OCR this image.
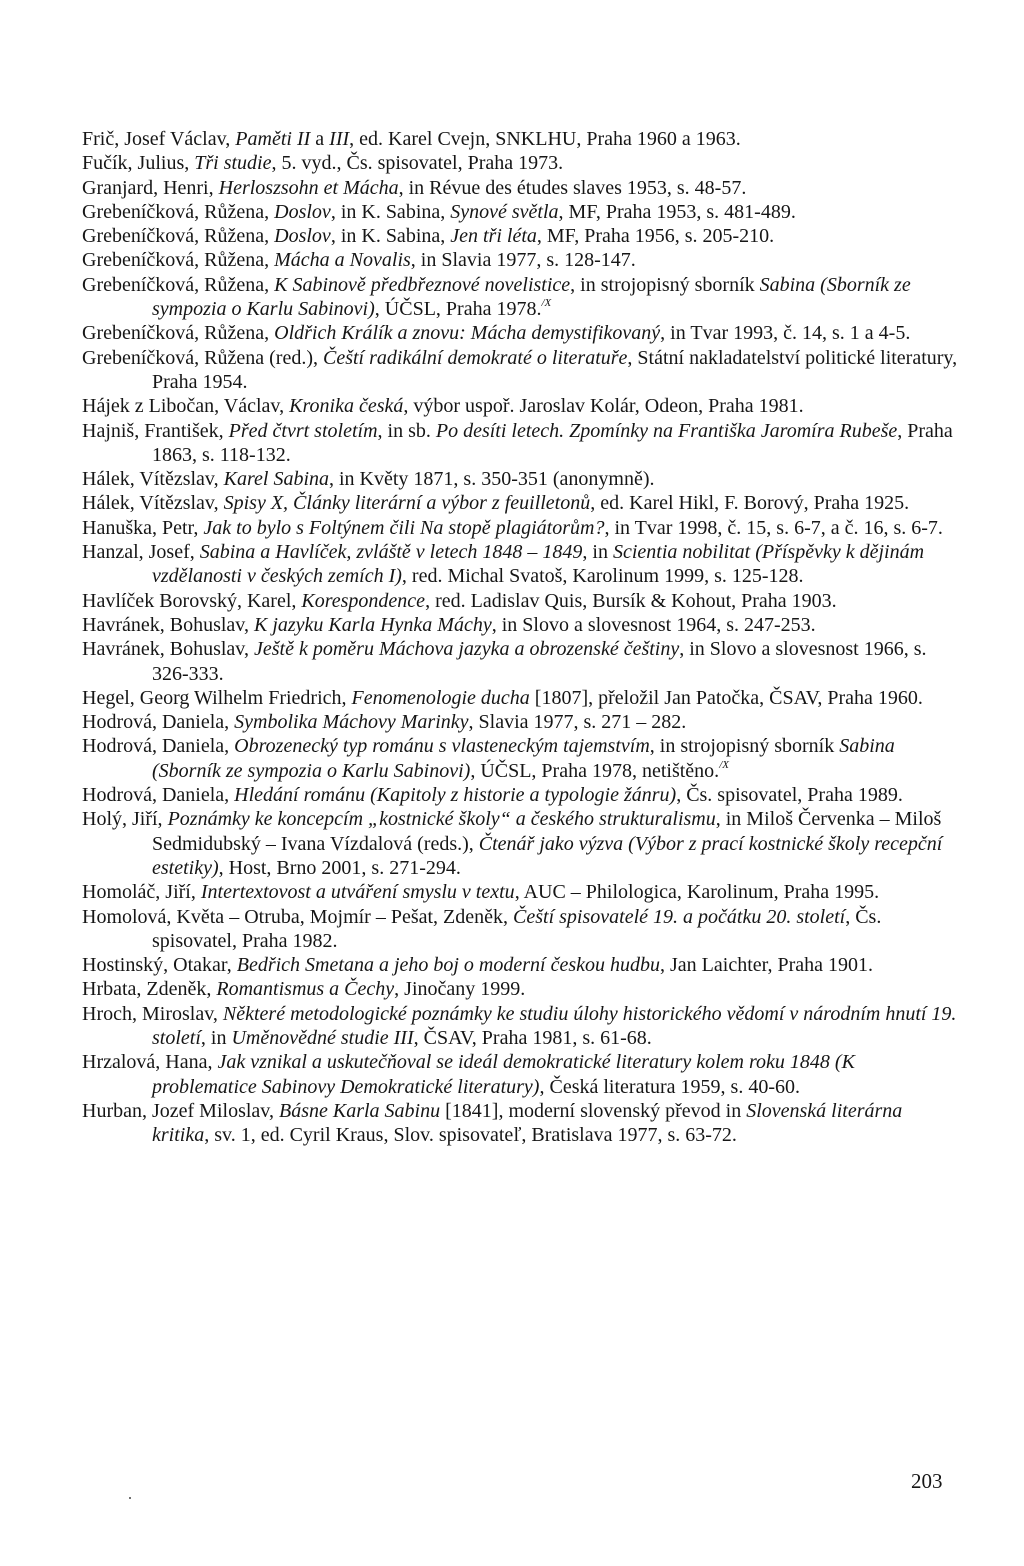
Frič, Josef Václav, Paměti II a III, ed. Karel Cvejn, SNKLHU, Praha 1960 a 1963.
Fučík, Julius, Tři studie, 5. vyd., Čs. spisovatel, Praha 1973.
Granjard, Henri, Herloszsohn et Mácha, in Révue des études slaves 1953, s. 48-57.
Grebeníčková, Růžena, Doslov, in K. Sabina, Synové světla, MF, Praha 1953, s. 481-489.
Grebeníčková, Růžena, Doslov, in K. Sabina, Jen tři léta, MF, Praha 1956, s. 205-210.
Grebeníčková, Růžena, Mácha a Novalis, in Slavia 1977, s. 128-147.
Grebeníčková, Růžena, K Sabinově předbřeznové novelistice, in strojopisný sborník Sabina (Sborník ze sympozia o Karlu Sabinovi), ÚČSL, Praha 1978.$^{/X}$
Grebeníčková, Růžena, Oldřich Králík a znovu: Mácha demystifikovaný, in Tvar 1993, č. 14, s. 1 a 4-5.
Grebeníčková, Růžena (red.), Čeští radikální demokraté o literatuře, Státní nakladatelství politické literatury, Praha 1954.
Hájek z Libočan, Václav, Kronika česká, výbor uspoř. Jaroslav Kolár, Odeon, Praha 1981.
Hajniš, František, Před čtvrt stoletím, in sb. Po desíti letech. Zpomínky na Františka Jaromíra Rubeše, Praha 1863, s. 118-132.
Hálek, Vítězslav, Karel Sabina, in Květy 1871, s. 350-351 (anonymně).
Hálek, Vítězslav, Spisy X, Články literární a výbor z feuilletonů, ed. Karel Hikl, F. Borový, Praha 1925.
Hanuška, Petr, Jak to bylo s Foltýnem čili Na stopě plagiátorům?, in Tvar 1998, č. 15, s. 6-7, a č. 16, s. 6-7.
Hanzal, Josef, Sabina a Havlíček, zvláště v letech 1848 – 1849, in Scientia nobilitat (Příspěvky k dějinám vzdělanosti v českých zemích I), red. Michal Svatoš, Karolinum 1999, s. 125-128.
Havlíček Borovský, Karel, Korespondence, red. Ladislav Quis, Bursík & Kohout, Praha 1903.
Havránek, Bohuslav, K jazyku Karla Hynka Máchy, in Slovo a slovesnost 1964, s. 247-253.
Havránek, Bohuslav, Ještě k poměru Máchova jazyka a obrozenské češtiny, in Slovo a slovesnost 1966, s. 326-333.
Hegel, Georg Wilhelm Friedrich, Fenomenologie ducha [1807], přeložil Jan Patočka, ČSAV, Praha 1960.
Hodrová, Daniela, Symbolika Máchovy Marinky, Slavia 1977, s. 271 – 282.
Hodrová, Daniela, Obrozenecký typ románu s vlasteneckým tajemstvím, in strojopisný sborník Sabina (Sborník ze sympozia o Karlu Sabinovi), ÚČSL, Praha 1978, netištěno.$^{/X}$
Hodrová, Daniela, Hledání románu (Kapitoly z historie a typologie žánru), Čs. spisovatel, Praha 1989.
Holý, Jiří, Poznámky ke koncepcím „kostnické školy“ a českého strukturalismu, in Miloš Červenka – Miloš Sedmidubský – Ivana Vízdalová (reds.), Čtenář jako výzva (Výbor z prací kostnické školy recepční estetiky), Host, Brno 2001, s. 271-294.
Homoláč, Jiří, Intertextovost a utváření smyslu v textu, AUC – Philologica, Karolinum, Praha 1995.
Homolová, Květa – Otruba, Mojmír – Pešat, Zdeněk, Čeští spisovatelé 19. a počátku 20. století, Čs. spisovatel, Praha 1982.
Hostinský, Otakar, Bedřich Smetana a jeho boj o moderní českou hudbu, Jan Laichter, Praha 1901.
Hrbata, Zdeněk, Romantismus a Čechy, Jinočany 1999.
Hroch, Miroslav, Některé metodologické poznámky ke studiu úlohy historického vědomí v národním hnutí 19. století, in Uměnovědné studie III, ČSAV, Praha 1981, s. 61-68.
Hrzalová, Hana, Jak vznikal a uskutečňoval se ideál demokratické literatury kolem roku 1848 (K problematice Sabinovy Demokratické literatury), Česká literatura 1959, s. 40-60.
Hurban, Jozef Miloslav, Básne Karla Sabinu [1841], moderní slovenský převod in Slovenská literárna kritika, sv. 1, ed. Cyril Kraus, Slov. spisovateľ, Bratislava 1977, s. 63-72.
203
